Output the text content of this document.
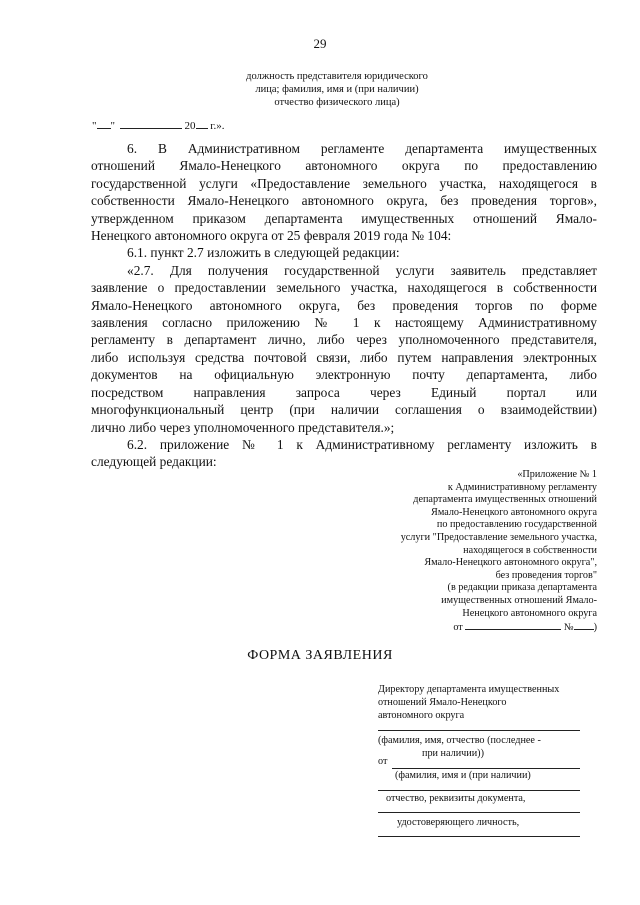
29
должность представителя юридического
лица; фамилия, имя и (при наличии)
отчество физического лица)
" "	20 г.».
6. В Административном регламенте департамента имущественных
отношений Ямало-Ненецкого автономного округа по предоставлению
государственной услуги «Предоставление земельного участка, находящегося в
собственности Ямало-Ненецкого автономного округа, без проведения торгов»,
утвержденном приказом департамента имущественных отношений Ямало-
Ненецкого автономного округа от 25 февраля 2019 года № 104:
6.1. пункт 2.7 изложить в следующей редакции:
«2.7. Для получения государственной услуги заявитель представляет
заявление о предоставлении земельного участка, находящегося в собственности
Ямало-Ненецкого автономного округа, без проведения торгов по форме
заявления согласно приложению № 1 к настоящему Административному
регламенту в департамент лично, либо через уполномоченного представителя,
либо используя средства почтовой связи, либо путем направления электронных
документов на официальную электронную почту департамента, либо
посредством направления запроса через Единый портал или
многофункциональный центр (при наличии соглашения о взаимодействии)
лично либо через уполномоченного представителя.»;
6.2. приложение № 1 к Административному регламенту изложить в
следующей редакции:
«Приложение № 1
к Административному регламенту
департамента имущественных отношений
Ямало-Ненецкого автономного округа
по предоставлению государственной
услуги "Предоставление земельного участка,
находящегося в собственности
Ямало-Ненецкого автономного округа",
без проведения торгов"
(в редакции приказа департамента
имущественных отношений Ямало-
Ненецкого автономного округа
от	№ )
ФОРМА ЗАЯВЛЕНИЯ
Директору департамента имущественных
отношений Ямало-Ненецкого
автономного округа
(фамилия, имя, отчество (последнее -
при наличии))
от
(фамилия, имя и (при наличии)
отчество, реквизиты документа,
удостоверяющего личность,
